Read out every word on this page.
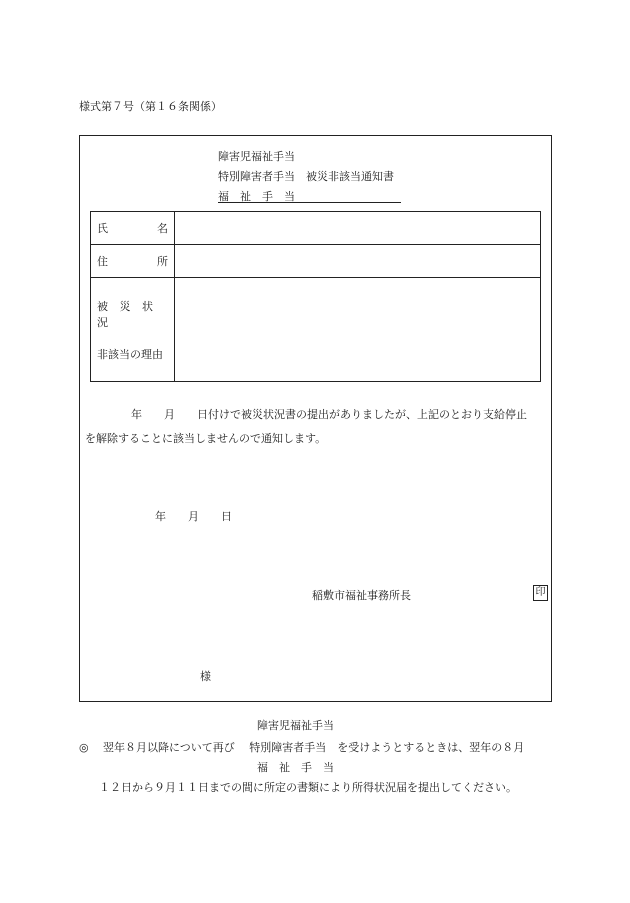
様式第７号（第１６条関係）
障害児福祉手当
特別障害者手当　被災非該当通知書
福　祉　手　当
氏 名	

住 所	

被 災 状 況
非該当の理由	

年　　月　　日付けで被災状況書の提出がありましたが、上記のとおり支給停止
を解除することに該当しませんので通知します。
年　　月　　日
稲敷市福祉事務所長	印
様
障害児福祉手当
◎ 翌年８月以降について再び　 特別障害者手当　を受けようとするときは、翌年の８月
福　祉　手　当
１２日から９月１１日までの間に所定の書類により所得状況届を提出してください。
